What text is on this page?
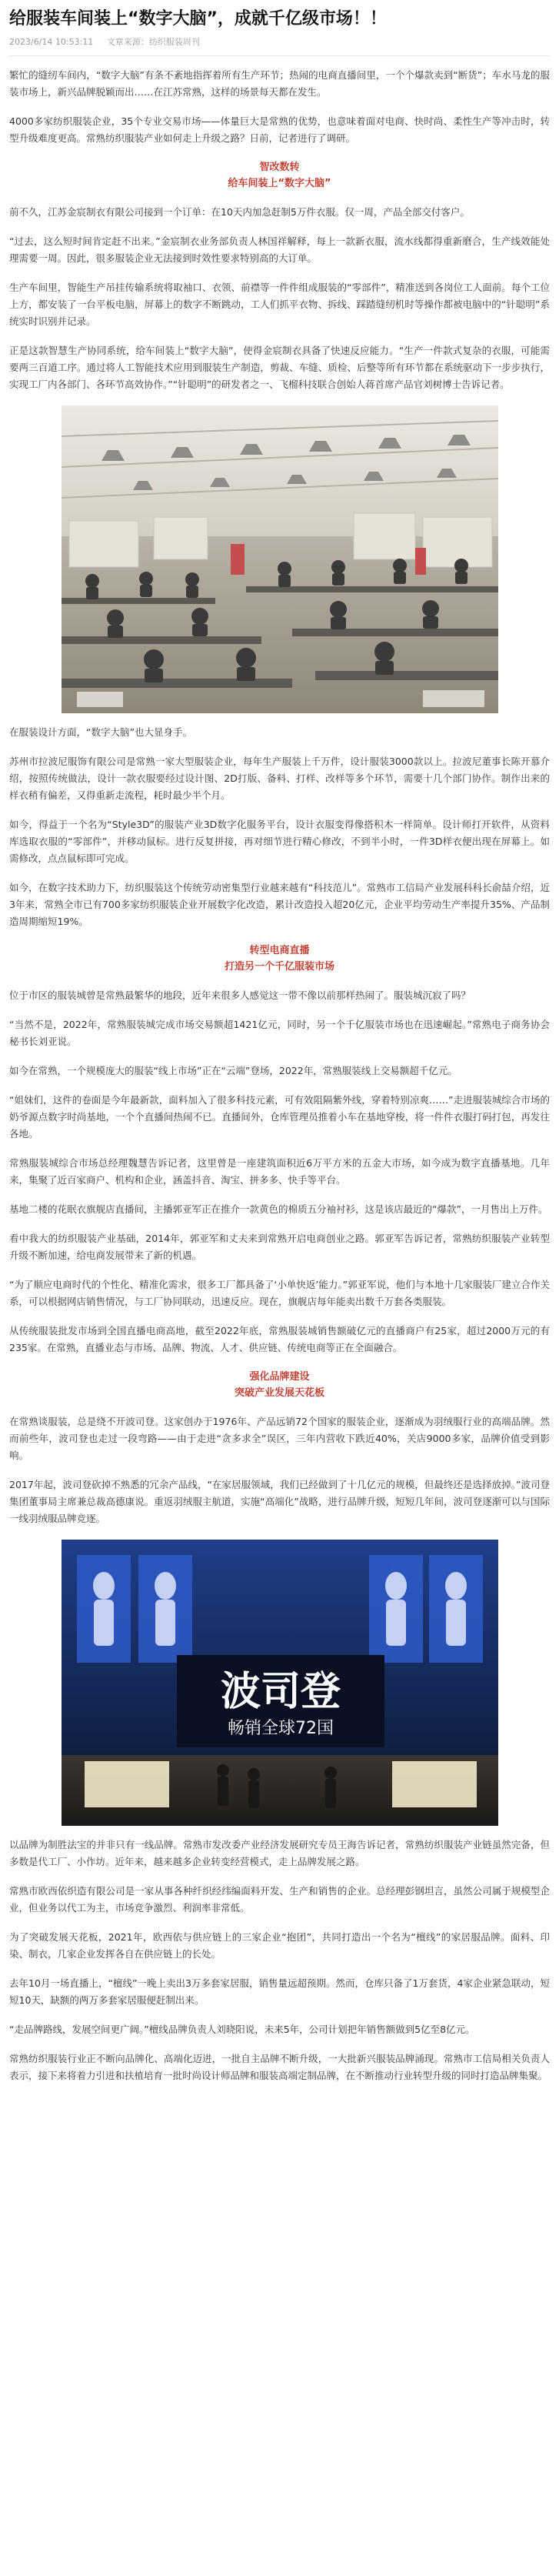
给服装车间装上“数字大脑”，成就千亿级市场！！
2023/6/14 10:53:11 文章来源：纺织服装周刊

繁忙的缝纫车间内，“数字大脑”有条不紊地指挥着所有生产环节；热闹的电商直播间里，一个个爆款卖到“断货”；车水马龙的服装市场上，新兴品牌脱颖而出……在江苏常熟，这样的场景每天都在发生。

4000多家纺织服装企业，35个专业交易市场——体量巨大是常熟的优势，也意味着面对电商、快时尚、柔性生产等冲击时，转型升级难度更高。常熟纺织服装产业如何走上升级之路？日前，记者进行了调研。

智改数转
给车间装上“数字大脑”

前不久，江苏金宸制衣有限公司接到一个订单：在10天内加急赶制5万件衣服。仅一周，产品全部交付客户。

“过去，这么短时间肯定赶不出来。”金宸制衣业务部负责人林国祥解释，每上一款新衣服，流水线都得重新磨合，生产线效能处理需要一周。因此，很多服装企业无法接到时效性要求特别高的大订单。

生产车间里，智能生产吊挂传输系统将取袖口、衣领、前襟等一件件组成服装的“零部件”，精准送到各岗位工人面前。每个工位上方，都安装了一台平板电脑，屏幕上的数字不断跳动，工人们抓平衣物、拆线、踩踏缝纫机时等操作都被电脑中的“针聪明”系统实时识别并记录。

正是这款智慧生产协同系统，给车间装上“数字大脑”，使得金宸制衣具备了快速反应能力。“生产一件款式复杂的衣服，可能需要两三百道工序。通过将人工智能技术应用到服装生产制造，剪裁、车缝、质检、后整等所有环节都在系统驱动下一步步执行，实现工厂内各部门、各环节高效协作。”“针聪明”的研发者之一、飞榴科技联合创始人蒋首席产品官刘树博士告诉记者。

在服装设计方面，“数字大脑”也大显身手。

苏州市拉波尼服饰有限公司是常熟一家大型服装企业，每年生产服装上千万件，设计服装3000款以上。拉波尼董事长陈开慕介绍，按照传统做法，设计一款衣服要经过设计图、2D打版、备料、打样、改样等多个环节，需要十几个部门协作。制作出来的样衣稍有偏差，又得重新走流程，耗时最少半个月。

如今，得益于一个名为“Style3D”的服装产业3D数字化服务平台，设计衣服变得像搭积木一样简单。设计师打开软件，从资料库选取衣服的“零部件”，并移动鼠标。进行反复拼接，再对细节进行精心修改，不到半小时，一件3D样衣便出现在屏幕上。如需修改，点点鼠标即可完成。

如今，在数字技术助力下，纺织服装这个传统劳动密集型行业越来越有“科技范儿”。常熟市工信局产业发展科科长俞喆介绍，近3年来，常熟全市已有700多家纺织服装企业开展数字化改造，累计改造投入超20亿元，企业平均劳动生产率提升35%、产品制造周期缩短19%。

转型电商直播
打造另一个千亿服装市场

位于市区的服装城曾是常熟最繁华的地段，近年来很多人感觉这一带不像以前那样热闹了。服装城沉寂了吗？

“当然不是，2022年，常熟服装城完成市场交易额超1421亿元，同时，另一个千亿服装市场也在迅速崛起。”常熟电子商务协会秘书长刘亚说。

如今在常熟，一个规模庞大的服装“线上市场”正在“云端”登场，2022年，常熟服装线上交易额超千亿元。

“姐妹们，这件的卷面是今年最新款，面料加入了很多科技元素，可有效阻隔紫外线，穿着特别凉爽……”走进服装城综合市场的奶爷源点数字时尚基地，一个个直播间热闹不已。直播间外，仓库管理员推着小车在基地穿梭，将一件件衣服打码打包，再发往各地。

常熟服装城综合市场总经理魏慧告诉记者，这里曾是一座建筑面积近6万平方米的五金大市场，如今成为数字直播基地。几年来，集聚了近百家商户、机构和企业，涵盖抖音、淘宝、拼多多、快手等平台。

基地二楼的花眠衣旗舰店直播间，主播郭亚军正在推介一款黄色的棉质五分袖衬衫，这是该店最近的“爆款”，一月售出上万件。

看中我大的纺织服装产业基础，2014年，郭亚军和丈夫来到常熟开启电商创业之路。郭亚军告诉记者，常熟纺织服装产业转型升级不断加速，给电商发展带来了新的机遇。

“为了顺应电商时代的个性化、精准化需求，很多工厂都具备了‘小单快返’能力。”郭亚军说，他们与本地十几家服装厂建立合作关系，可以根据网店销售情况，与工厂协同联动，迅速反应。现在，旗舰店每年能卖出数千万套各类服装。

从传统服装批发市场到全国直播电商高地，截至2022年底，常熟服装城销售额破亿元的直播商户有25家，超过2000万元的有235家。在常熟，直播业态与市场、品牌、物流、人才、供应链、传统电商等正在全面融合。

强化品牌建设
突破产业发展天花板

在常熟谈服装，总是绕不开波司登。这家创办于1976年、产品远销72个国家的服装企业，逐渐成为羽绒服行业的高端品牌。然而前些年，波司登也走过一段弯路——由于走进“贪多求全”误区，三年内营收下跌近40%，关店9000多家，品牌价值受到影响。

2017年起，波司登砍掉不熟悉的冗余产品线，“在家居服领域，我们已经做到了十几亿元的规模，但最终还是选择放掉。”波司登集团董事局主席兼总裁高德康说。重返羽绒服主航道，实施“高端化”战略，进行品牌升级，短短几年间，波司登逐渐可以与国际一线羽绒服品牌竞逐。

波司登
畅销全球72国

以品牌为制胜法宝的并非只有一线品牌。常熟市发改委产业经济发展研究专员王海告诉记者，常熟纺织服装产业链虽然完备，但多数是代工厂、小作坊。近年来，越来越多企业转变经营模式，走上品牌发展之路。

常熟市欧西依织造有限公司是一家从事各种纤织经纬编面料开发、生产和销售的企业。总经理彭钢坦言，虽然公司属于规模型企业，但业务以代工为主，市场竞争激烈、利润率非常低。

为了突破发展天花板，2021年，欧西依与供应链上的三家企业“抱团”，共同打造出一个名为“檀线”的家居服品牌。面料、印染、制衣，几家企业发挥各自在供应链上的长处。

去年10月一场直播上，“檀线”一晚上卖出3万多套家居服，销售量远超预期。然而，仓库只备了1万套货，4家企业紧急联动，短短10天，缺额的两万多套家居服便赶制出来。

“走品牌路线，发展空间更广阔。”檀线品牌负责人刘晓阳说，未来5年，公司计划把年销售额做到5亿至8亿元。

常熟纺织服装行业正不断向品牌化、高端化迈进，一批自主品牌不断升级，一大批新兴服装品牌涌现。常熟市工信局相关负责人表示，接下来将着力引进和扶植培育一批时尚设计师品牌和服装高端定制品牌，在不断推动行业转型升级的同时打造品牌集聚。
